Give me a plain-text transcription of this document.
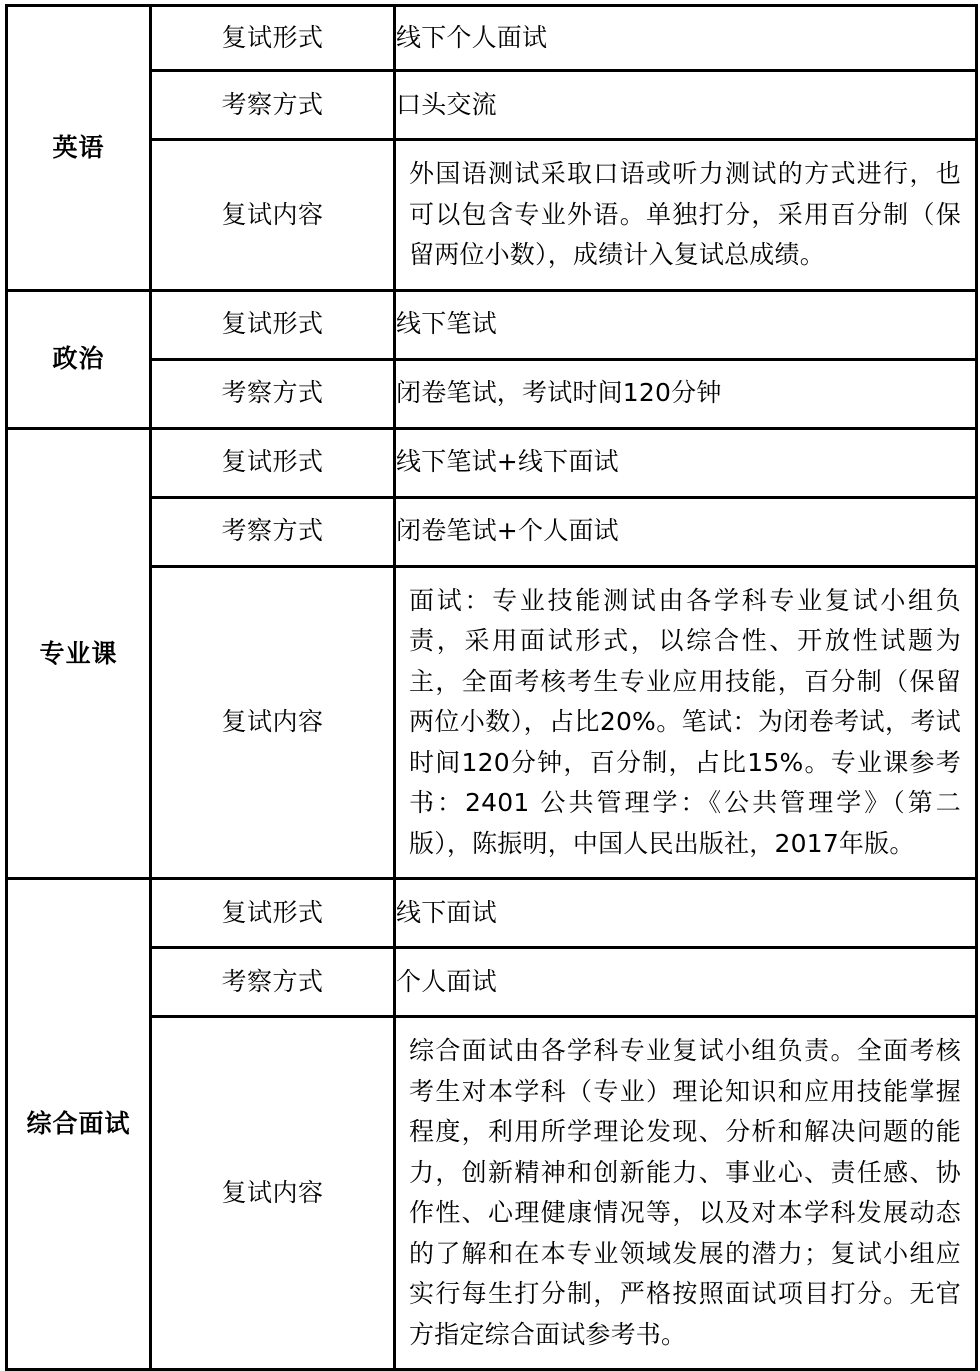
英语	复试形式	线下个人面试
	考察方式	口头交流
	复试内容	外国语测试采取口语或听力测试的方式进行，也可以包含专业外语。单独打分，采用百分制（保留两位小数），成绩计入复试总成绩。
政治	复试形式	线下笔试
	考察方式	闭卷笔试，考试时间120分钟
专业课	复试形式	线下笔试+线下面试
	考察方式	闭卷笔试+个人面试
	复试内容	面试：专业技能测试由各学科专业复试小组负责，采用面试形式，以综合性、开放性试题为主，全面考核考生专业应用技能，百分制（保留两位小数），占比20%。笔试：为闭卷考试，考试时间120分钟，百分制，占比15%。专业课参考书：2401 公共管理学：《公共管理学》（第二版），陈振明，中国人民出版社，2017年版。
综合面试	复试形式	线下面试
	考察方式	个人面试
	复试内容	综合面试由各学科专业复试小组负责。全面考核考生对本学科（专业）理论知识和应用技能掌握程度，利用所学理论发现、分析和解决问题的能力，创新精神和创新能力、事业心、责任感、协作性、心理健康情况等，以及对本学科发展动态的了解和在本专业领域发展的潜力；复试小组应实行每生打分制，严格按照面试项目打分。无官方指定综合面试参考书。
